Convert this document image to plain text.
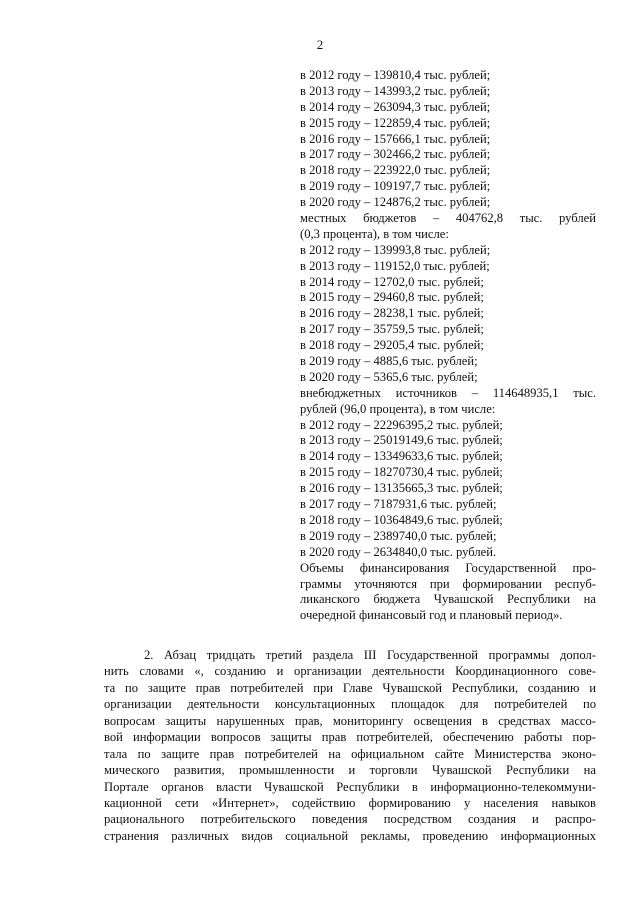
2
в 2012 году – 139810,4 тыс. рублей;
в 2013 году – 143993,2 тыс. рублей;
в 2014 году – 263094,3 тыс. рублей;
в 2015 году – 122859,4 тыс. рублей;
в 2016 году – 157666,1 тыс. рублей;
в 2017 году – 302466,2 тыс. рублей;
в 2018 году – 223922,0 тыс. рублей;
в 2019 году – 109197,7 тыс. рублей;
в 2020 году – 124876,2 тыс. рублей;
местных бюджетов – 404762,8 тыс. рублей
(0,3 процента), в том числе:
в 2012 году – 139993,8 тыс. рублей;
в 2013 году – 119152,0 тыс. рублей;
в 2014 году – 12702,0 тыс. рублей;
в 2015 году – 29460,8 тыс. рублей;
в 2016 году – 28238,1 тыс. рублей;
в 2017 году – 35759,5 тыс. рублей;
в 2018 году – 29205,4 тыс. рублей;
в 2019 году – 4885,6 тыс. рублей;
в 2020 году – 5365,6 тыс. рублей;
внебюджетных источников – 114648935,1 тыс.
рублей (96,0 процента), в том числе:
в 2012 году – 22296395,2 тыс. рублей;
в 2013 году – 25019149,6 тыс. рублей;
в 2014 году – 13349633,6 тыс. рублей;
в 2015 году – 18270730,4 тыс. рублей;
в 2016 году – 13135665,3 тыс. рублей;
в 2017 году – 7187931,6 тыс. рублей;
в 2018 году – 10364849,6 тыс. рублей;
в 2019 году – 2389740,0 тыс. рублей;
в 2020 году – 2634840,0 тыс. рублей.
Объемы финансирования Государственной про-
граммы уточняются при формировании респуб-
ликанского бюджета Чувашской Республики на
очередной финансовый год и плановый период».
2. Абзац тридцать третий раздела III Государственной программы допол-
нить словами «, созданию и организации деятельности Координационного сове-
та по защите прав потребителей при Главе Чувашской Республики, созданию и
организации деятельности консультационных площадок для потребителей по
вопросам защиты нарушенных прав, мониторингу освещения в средствах массо-
вой информации вопросов защиты прав потребителей, обеспечению работы пор-
тала по защите прав потребителей на официальном сайте Министерства эконо-
мического развития, промышленности и торговли Чувашской Республики на
Портале органов власти Чувашской Республики в информационно-телекоммуни-
кационной сети «Интернет», содействию формированию у населения навыков
рационального потребительского поведения посредством создания и распро-
странения различных видов социальной рекламы, проведению информационных
